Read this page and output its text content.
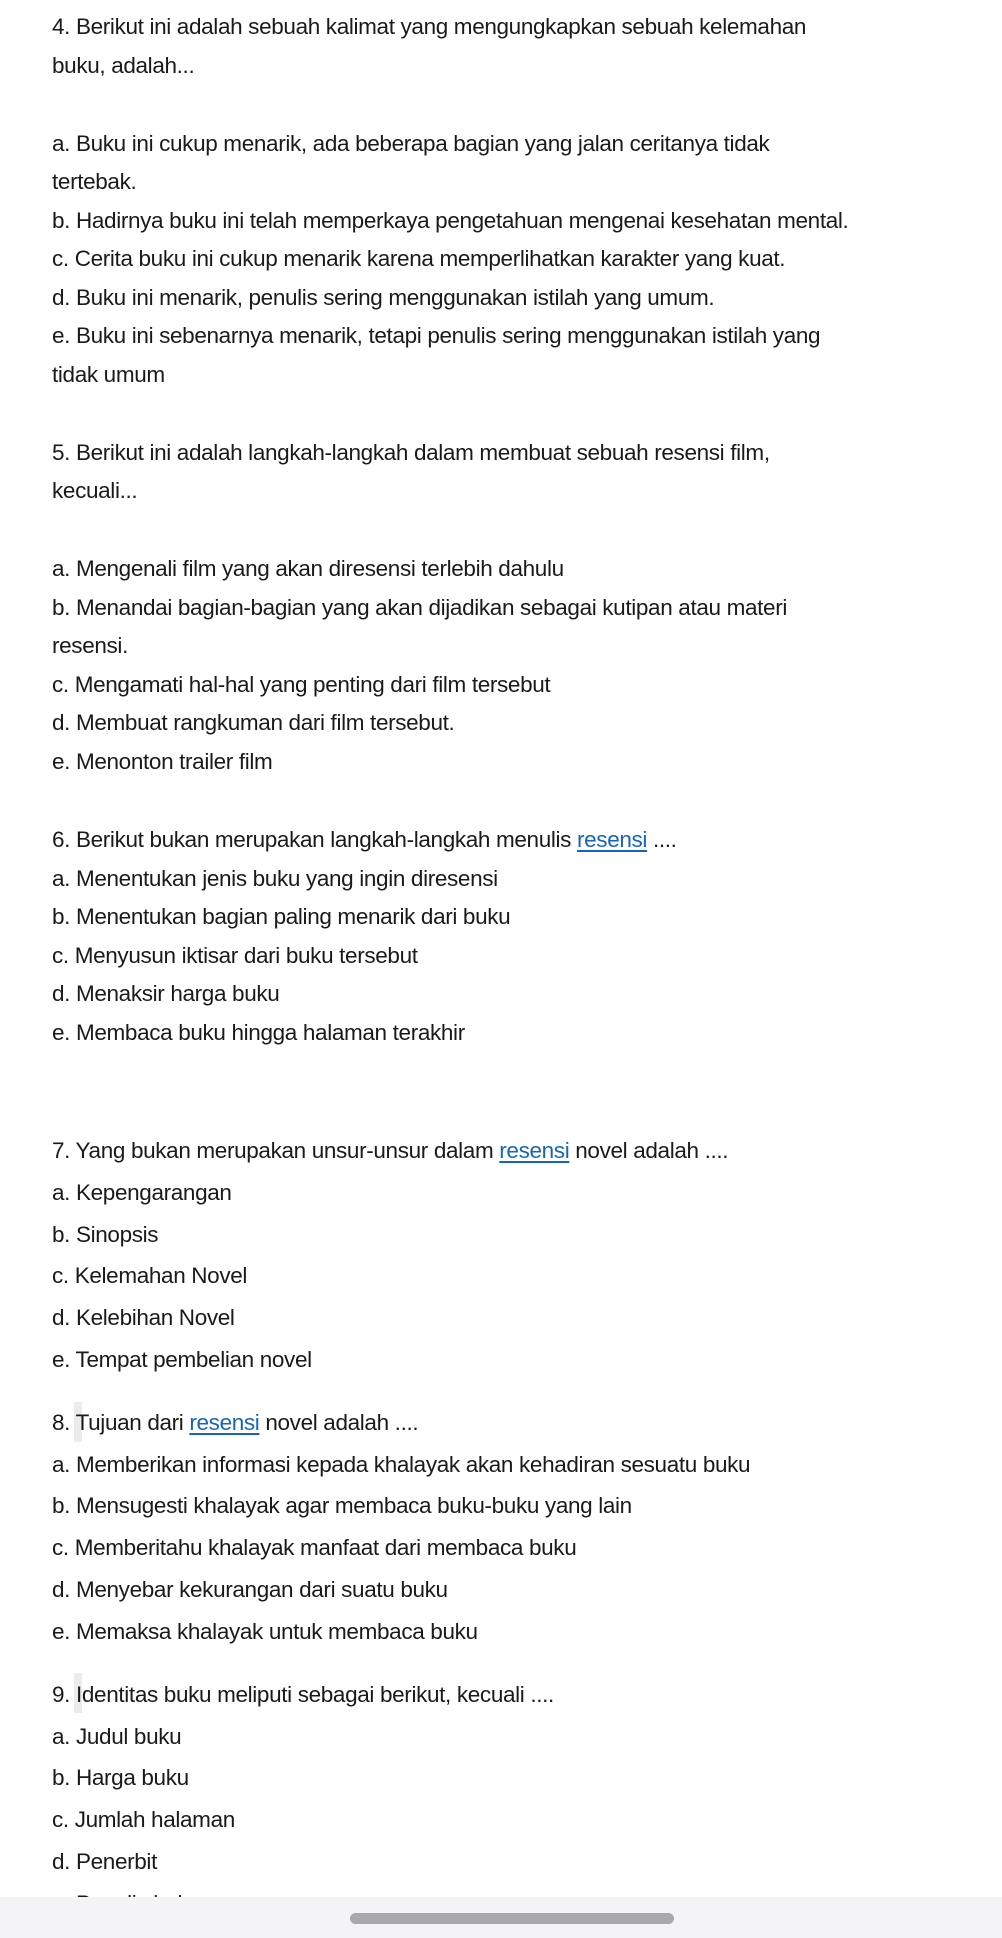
4. Berikut ini adalah sebuah kalimat yang mengungkapkan sebuah kelemahan
buku, adalah...
a. Buku ini cukup menarik, ada beberapa bagian yang jalan ceritanya tidak
tertebak.
b. Hadirnya buku ini telah memperkaya pengetahuan mengenai kesehatan mental.
c. Cerita buku ini cukup menarik karena memperlihatkan karakter yang kuat.
d. Buku ini menarik, penulis sering menggunakan istilah yang umum.
e. Buku ini sebenarnya menarik, tetapi penulis sering menggunakan istilah yang
tidak umum
5. Berikut ini adalah langkah-langkah dalam membuat sebuah resensi film,
kecuali...
a. Mengenali film yang akan diresensi terlebih dahulu
b. Menandai bagian-bagian yang akan dijadikan sebagai kutipan atau materi
resensi.
c. Mengamati hal-hal yang penting dari film tersebut
d. Membuat rangkuman dari film tersebut.
e. Menonton trailer film
6. Berikut bukan merupakan langkah-langkah menulis resensi ....
a. Menentukan jenis buku yang ingin diresensi
b. Menentukan bagian paling menarik dari buku
c. Menyusun iktisar dari buku tersebut
d. Menaksir harga buku
e. Membaca buku hingga halaman terakhir
7. Yang bukan merupakan unsur-unsur dalam resensi novel adalah ....
a. Kepengarangan
b. Sinopsis
c. Kelemahan Novel
d. Kelebihan Novel
e. Tempat pembelian novel
8. Tujuan dari resensi novel adalah ....
a. Memberikan informasi kepada khalayak akan kehadiran sesuatu buku
b. Mensugesti khalayak agar membaca buku-buku yang lain
c. Memberitahu khalayak manfaat dari membaca buku
d. Menyebar kekurangan dari suatu buku
e. Memaksa khalayak untuk membaca buku
9. Identitas buku meliputi sebagai berikut, kecuali ....
a. Judul buku
b. Harga buku
c. Jumlah halaman
d. Penerbit
